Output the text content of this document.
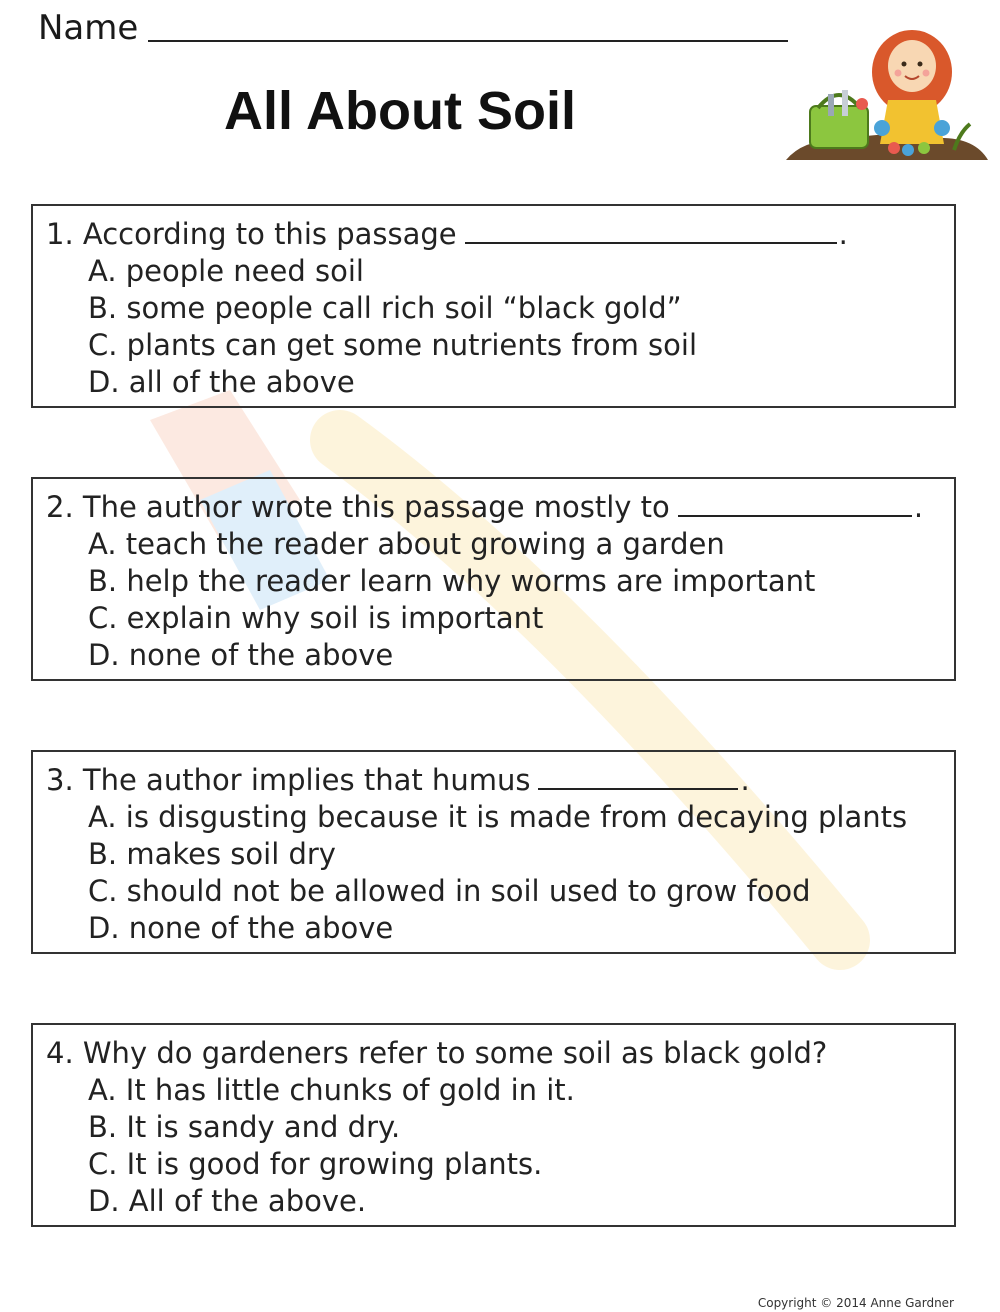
Name
All About Soil
1. According to this passage	.
A. people need soil
B. some people call rich soil “black gold”
C. plants can get some nutrients from soil
D. all of the above
2. The author wrote this passage mostly to	.
A. teach the reader about growing a garden
B. help the reader learn why worms are important
C. explain why soil is important
D. none of the above
3. The author implies that humus	.
A. is disgusting because it is made from decaying plants
B. makes soil dry
C. should not be allowed in soil used to grow food
D. none of the above
4. Why do gardeners refer to some soil as black gold?
A. It has little chunks of gold in it.
B. It is sandy and dry.
C. It is good for growing plants.
D. All of the above.
Copyright © 2014 Anne Gardner
